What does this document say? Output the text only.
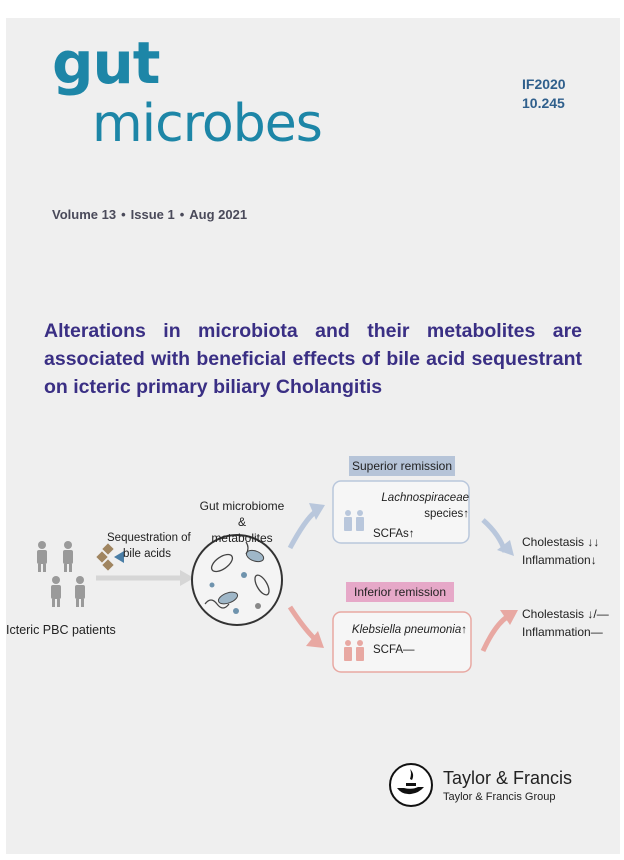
gut
microbes
IF2020
10.245
Volume 13 • Issue 1 • Aug 2021
Alterations in microbiota and their metabolites are associated with beneficial effects of bile acid sequestrant on icteric primary biliary Cholangitis
Superior remission
Inferior remission
Icteric PBC patients
Sequestration of
bile acids
Gut microbiome &
metabolites
Lachnospiraceae species↑
SCFAs↑
Klebsiella pneumonia↑
SCFA—
Cholestasis ↓↓
Inflammation↓
Cholestasis ↓/—
Inflammation—
Taylor & Francis
Taylor & Francis Group
